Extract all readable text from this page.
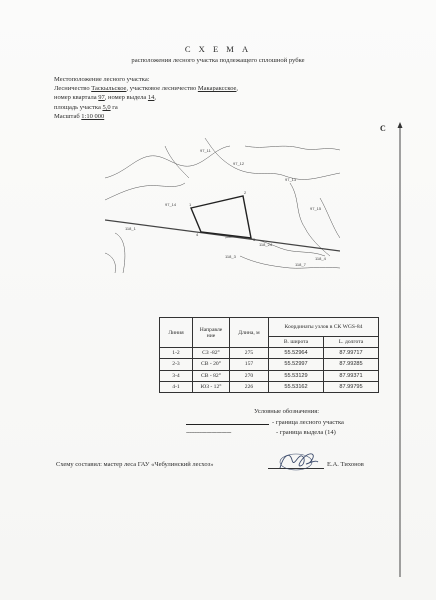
С Х Е М А
расположения лесного участка подлежащего сплошной рубке
Местоположение лесного участка:
Лесничество Таскыльское, участковое лесничество Макараксское,
номер квартала 97, номер выдела 14,
площадь участка 5,0 га
Масштаб 1:10 000
С
97_11
97_12
97_13
97_14
97_15
118_1
118_24
118_3	118_4
118_7
1
2
3
4
Линия	Направле ние	Длина, м	Координаты узлов в СК WGS-84	
			В. широта	L. долгота
1-2	СЗ -82°	275	55.52964	87.99717
2-3	СВ - 20°	157	55.52997	87.99285
3-4	СВ - 82°	270	55.53129	87.99371
4-1	ЮЗ - 12°	226	55.53162	87.99795
Условные обозначения:
- граница лесного участка
---------------------------	- граница выдела (14)
Схему составил: мастер леса ГАУ «Чебулинский лесхоз»	Е.А. Тихонов
